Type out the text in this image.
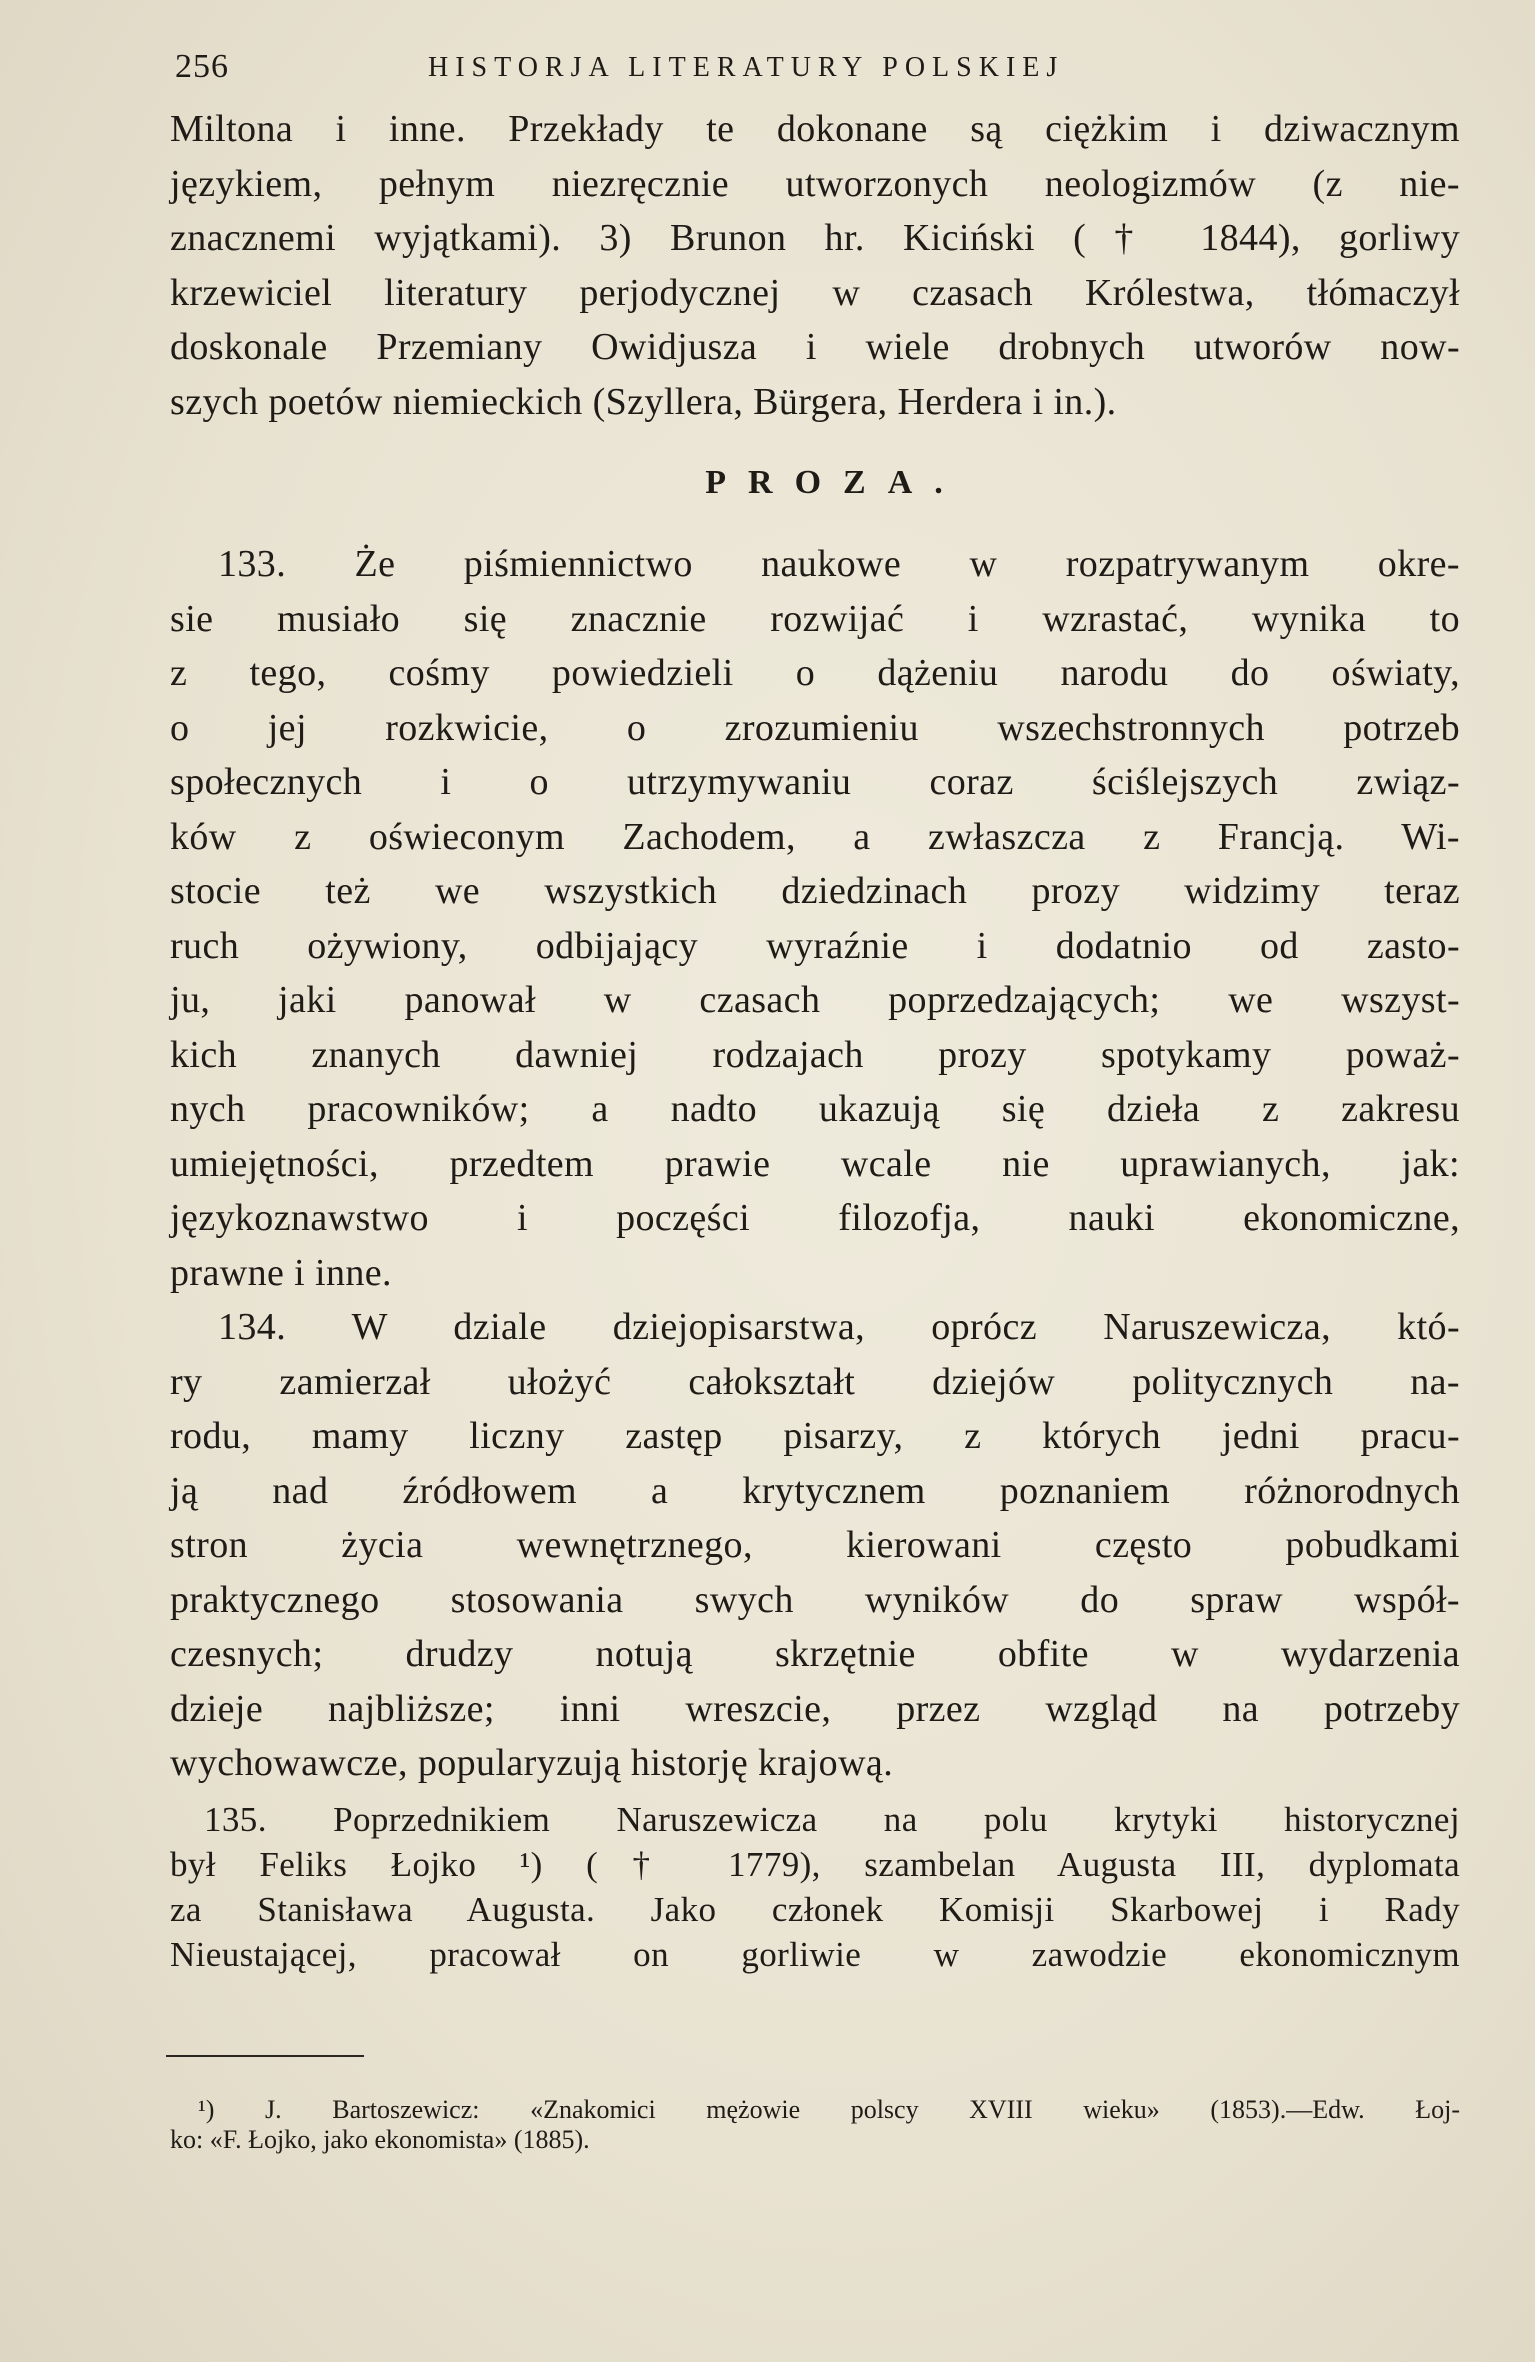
256	HISTORJA LITERATURY POLSKIEJ
Miltona i inne. Przekłady te dokonane są ciężkim i dziwacznym
językiem, pełnym niezręcznie utworzonych neologizmów (z nie-
znacznemi wyjątkami). 3) Brunon hr. Kiciński († 1844), gorliwy
krzewiciel literatury perjodycznej w czasach Królestwa, tłómaczył
doskonale Przemiany Owidjusza i wiele drobnych utworów now-
szych poetów niemieckich (Szyllera, Bürgera, Herdera i in.).
PROZA.
133. Że piśmiennictwo naukowe w rozpatrywanym okre-
sie musiało się znacznie rozwijać i wzrastać, wynika to
z tego, cośmy powiedzieli o dążeniu narodu do oświaty,
o jej rozkwicie, o zrozumieniu wszechstronnych potrzeb
społecznych i o utrzymywaniu coraz ściślejszych związ-
ków z oświeconym Zachodem, a zwłaszcza z Francją. Wi-
stocie też we wszystkich dziedzinach prozy widzimy teraz
ruch ożywiony, odbijający wyraźnie i dodatnio od zasto-
ju, jaki panował w czasach poprzedzających; we wszyst-
kich znanych dawniej rodzajach prozy spotykamy poważ-
nych pracowników; a nadto ukazują się dzieła z zakresu
umiejętności, przedtem prawie wcale nie uprawianych, jak:
językoznawstwo i poczęści filozofja, nauki ekonomiczne,
prawne i inne.
134. W dziale dziejopisarstwa, oprócz Naruszewicza, któ-
ry zamierzał ułożyć całokształt dziejów politycznych na-
rodu, mamy liczny zastęp pisarzy, z których jedni pracu-
ją nad źródłowem a krytycznem poznaniem różnorodnych
stron życia wewnętrznego, kierowani często pobudkami
praktycznego stosowania swych wyników do spraw współ-
czesnych; drudzy notują skrzętnie obfite w wydarzenia
dzieje najbliższe; inni wreszcie, przez wzgląd na potrzeby
wychowawcze, popularyzują historję krajową.
135. Poprzednikiem Naruszewicza na polu krytyki historycznej
był Feliks Łojko ¹) († 1779), szambelan Augusta III, dyplomata
za Stanisława Augusta. Jako członek Komisji Skarbowej i Rady
Nieustającej, pracował on gorliwie w zawodzie ekonomicznym
¹) J. Bartoszewicz: «Znakomici mężowie polscy XVIII wieku» (1853).—Edw. Łoj-
ko: «F. Łojko, jako ekonomista» (1885).
